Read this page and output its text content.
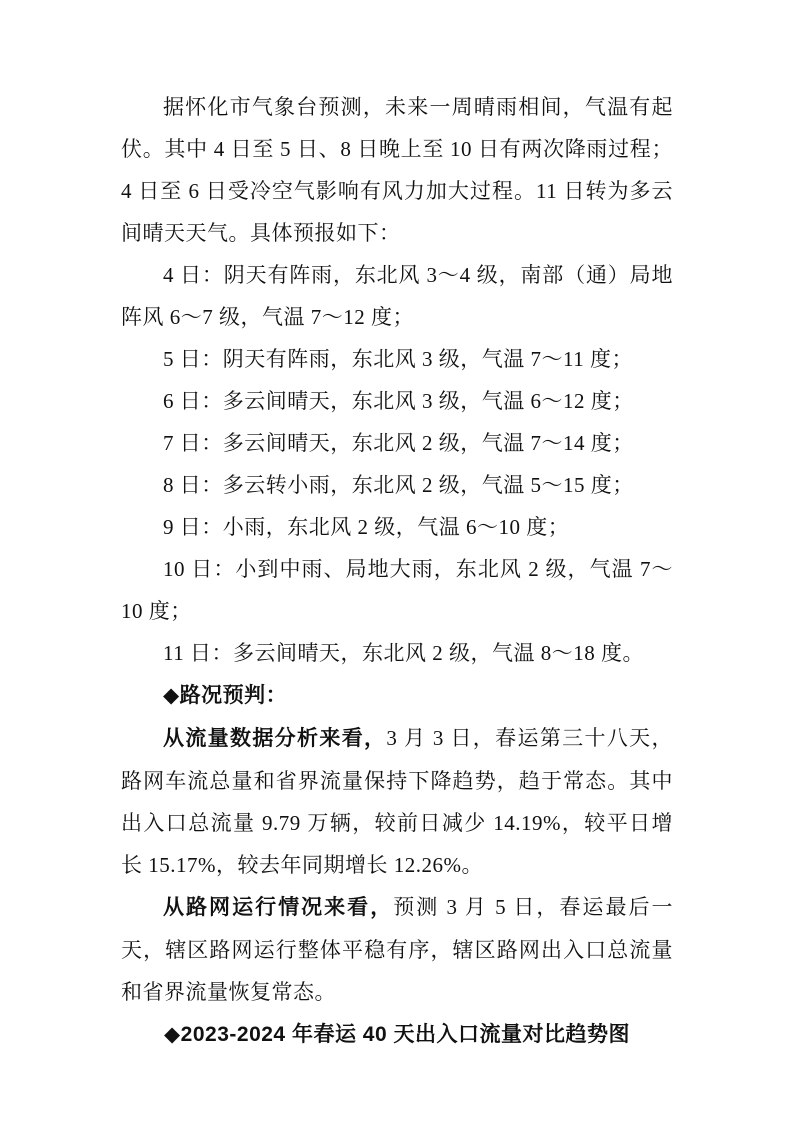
据怀化市气象台预测，未来一周晴雨相间，气温有起伏。其中 4 日至 5 日、8 日晚上至 10 日有两次降雨过程；4 日至 6 日受冷空气影响有风力加大过程。11 日转为多云间晴天天气。具体预报如下：

4 日：阴天有阵雨，东北风 3～4 级，南部（通）局地阵风 6～7 级，气温 7～12 度；

5 日：阴天有阵雨，东北风 3 级，气温 7～11 度；

6 日：多云间晴天，东北风 3 级，气温 6～12 度；

7 日：多云间晴天，东北风 2 级，气温 7～14 度；

8 日：多云转小雨，东北风 2 级，气温 5～15 度；

9 日：小雨，东北风 2 级，气温 6～10 度；

10 日：小到中雨、局地大雨，东北风 2 级，气温 7～10 度；

11 日：多云间晴天，东北风 2 级，气温 8～18 度。

◆路况预判：

从流量数据分析来看，3 月 3 日，春运第三十八天，路网车流总量和省界流量保持下降趋势，趋于常态。其中出入口总流量 9.79 万辆，较前日减少 14.19%，较平日增长 15.17%，较去年同期增长 12.26%。

从路网运行情况来看，预测 3 月 5 日，春运最后一天，辖区路网运行整体平稳有序，辖区路网出入口总流量和省界流量恢复常态。

◆2023-2024 年春运 40 天出入口流量对比趋势图
